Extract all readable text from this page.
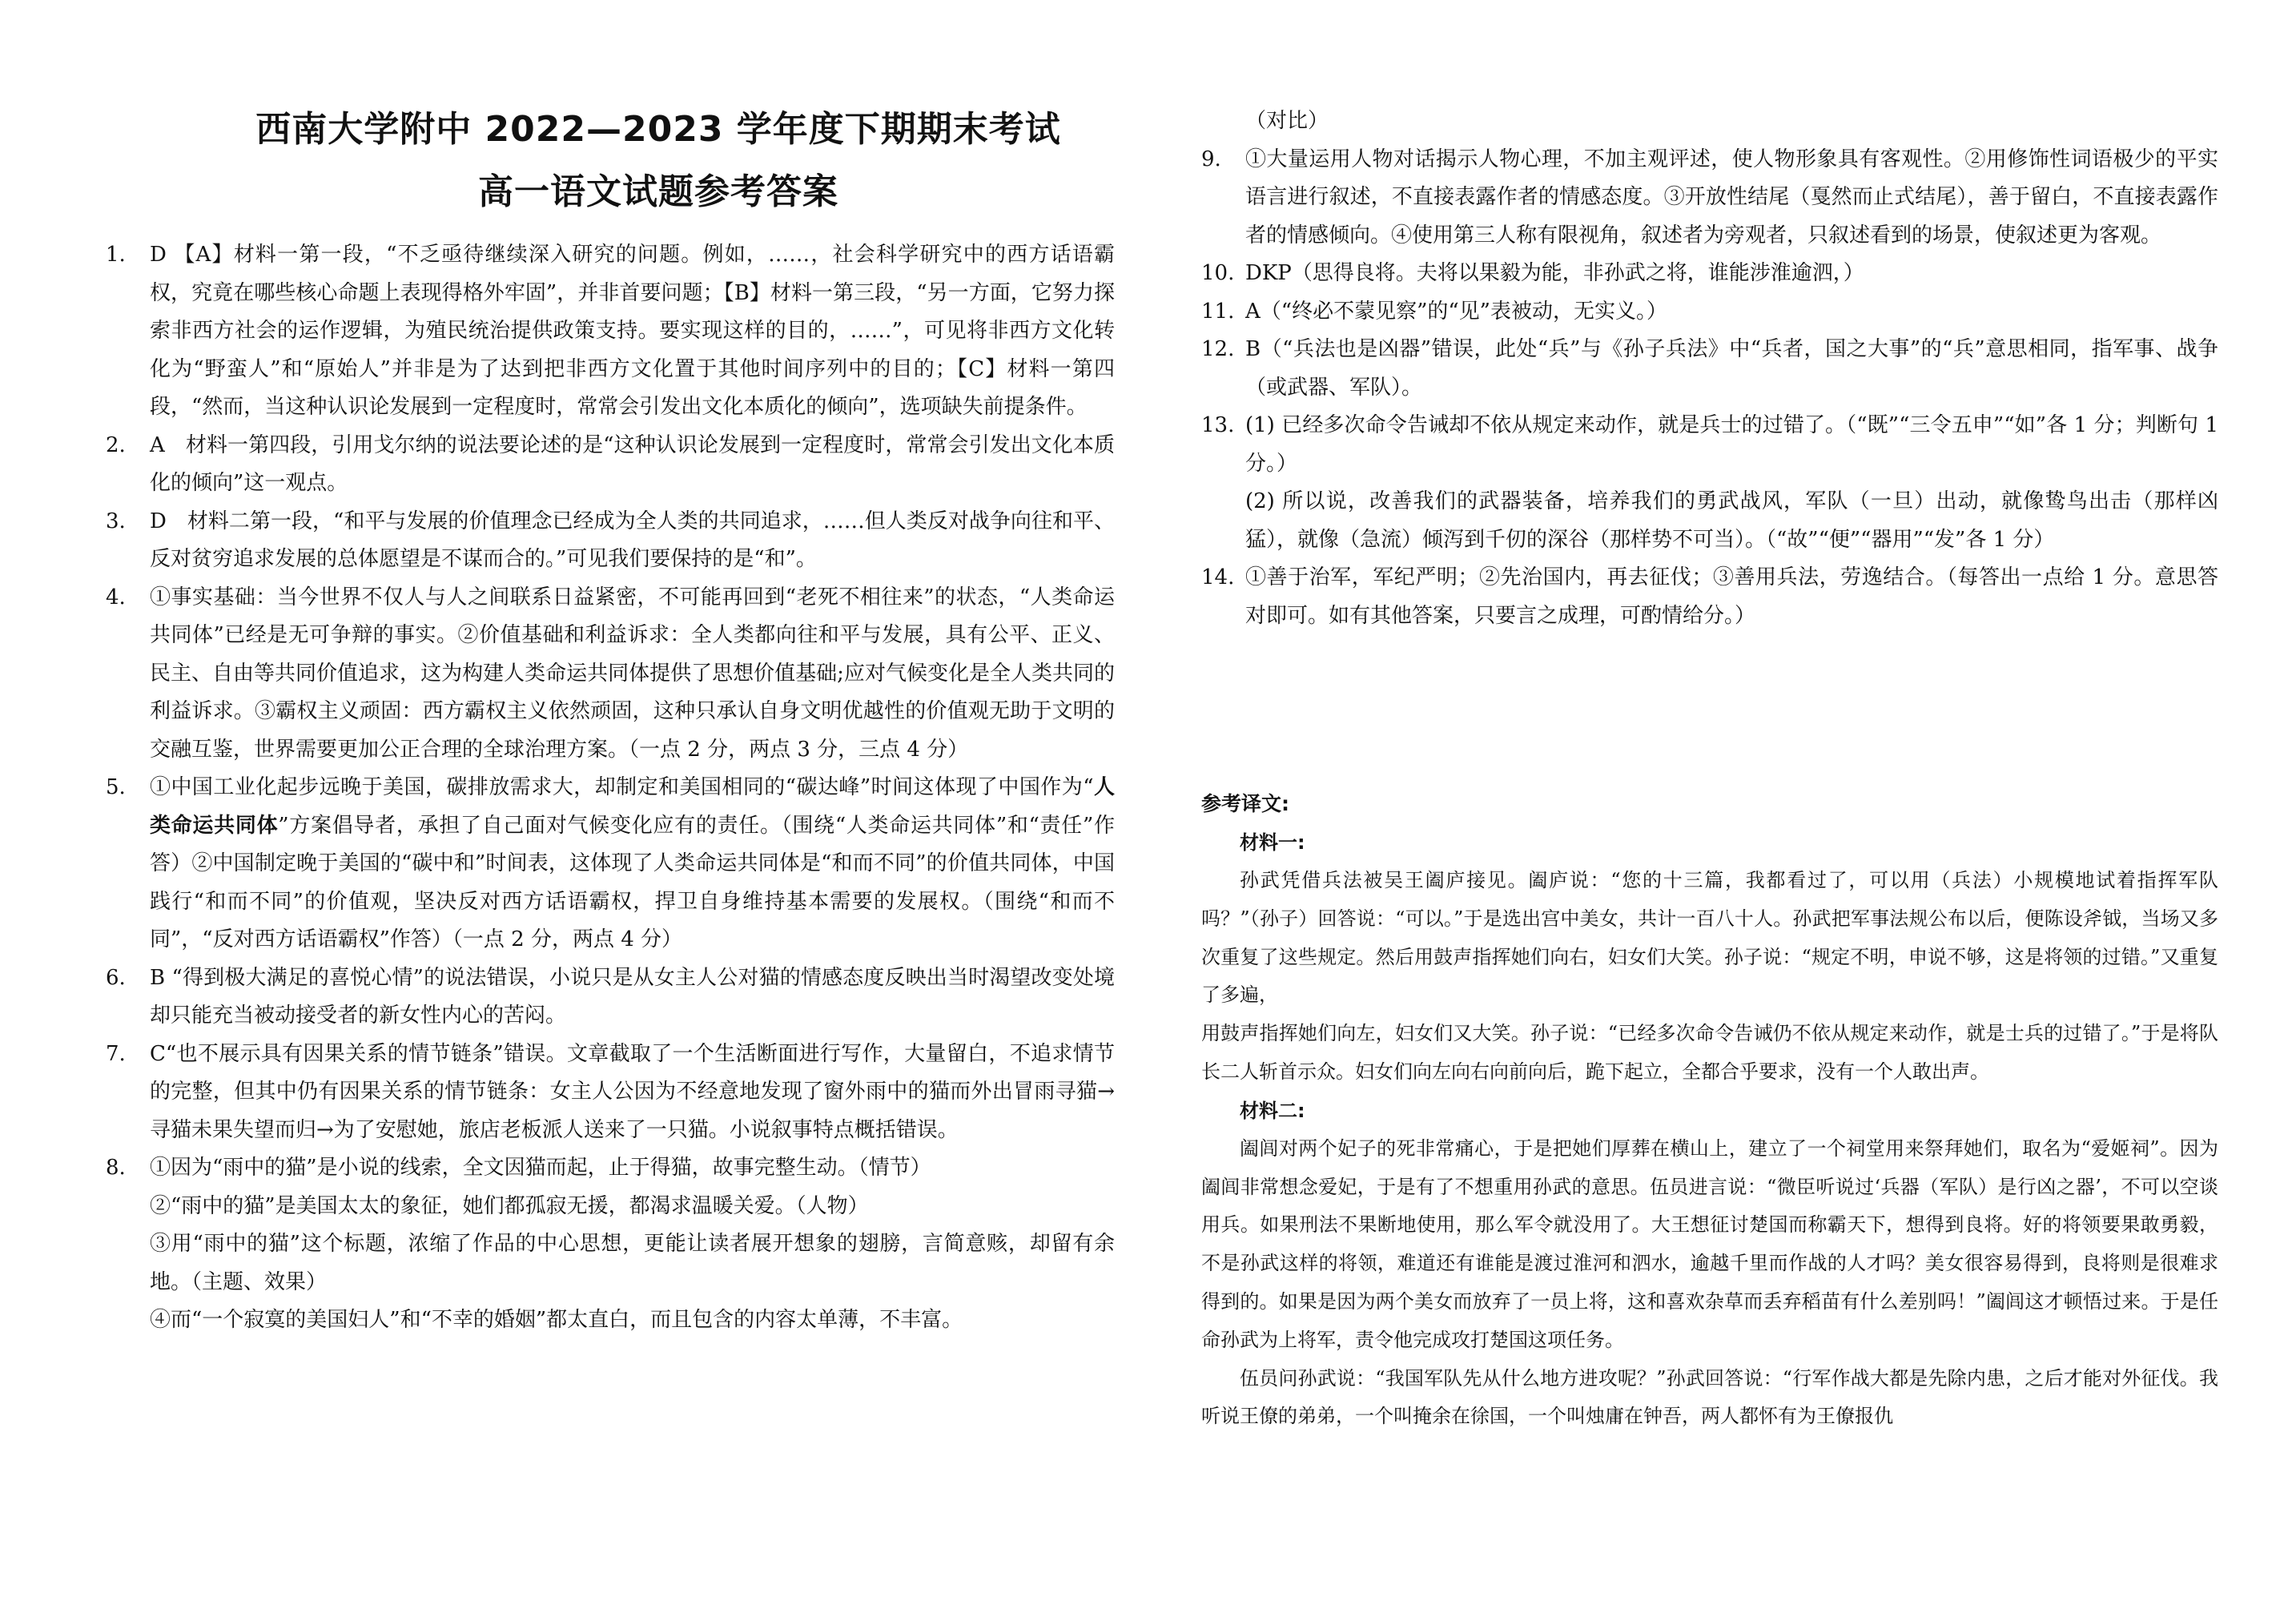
西南大学附中 2022—2023 学年度下期期末考试
高一语文试题参考答案
1.	D 【A】材料一第一段，“不乏亟待继续深入研究的问题。例如，……，社会科学研究中的西方话语霸权，究竟在哪些核心命题上表现得格外牢固”，并非首要问题；【B】材料一第三段，“另一方面，它努力探索非西方社会的运作逻辑，为殖民统治提供政策支持。要实现这样的目的，……”，可见将非西方文化转化为“野蛮人”和“原始人”并非是为了达到把非西方文化置于其他时间序列中的目的；【C】材料一第四段，“然而，当这种认识论发展到一定程度时，常常会引发出文化本质化的倾向”，选项缺失前提条件。
2.	A　材料一第四段，引用戈尔纳的说法要论述的是“这种认识论发展到一定程度时，常常会引发出文化本质化的倾向”这一观点。
3.	D　材料二第一段，“和平与发展的价值理念已经成为全人类的共同追求，……但人类反对战争向往和平、反对贫穷追求发展的总体愿望是不谋而合的。”可见我们要保持的是“和”。
4.	①事实基础：当今世界不仅人与人之间联系日益紧密，不可能再回到“老死不相往来”的状态，“人类命运共同体”已经是无可争辩的事实。②价值基础和利益诉求：全人类都向往和平与发展，具有公平、正义、民主、自由等共同价值追求，这为构建人类命运共同体提供了思想价值基础;应对气候变化是全人类共同的利益诉求。③霸权主义顽固：西方霸权主义依然顽固，这种只承认自身文明优越性的价值观无助于文明的交融互鉴，世界需要更加公正合理的全球治理方案。（一点 2 分，两点 3 分，三点 4 分）
5.	①中国工业化起步远晚于美国，碳排放需求大，却制定和美国相同的“碳达峰”时间这体现了中国作为“人类命运共同体”方案倡导者，承担了自己面对气候变化应有的责任。（围绕“人类命运共同体”和“责任”作答）②中国制定晚于美国的“碳中和”时间表，这体现了人类命运共同体是“和而不同”的价值共同体，中国践行“和而不同”的价值观，坚决反对西方话语霸权，捍卫自身维持基本需要的发展权。（围绕“和而不同”，“反对西方话语霸权”作答）（一点 2 分，两点 4 分）
6.	B “得到极大满足的喜悦心情”的说法错误，小说只是从女主人公对猫的情感态度反映出当时渴望改变处境却只能充当被动接受者的新女性内心的苦闷。
7.	C“也不展示具有因果关系的情节链条”错误。文章截取了一个生活断面进行写作，大量留白，不追求情节的完整，但其中仍有因果关系的情节链条：女主人公因为不经意地发现了窗外雨中的猫而外出冒雨寻猫→寻猫未果失望而归→为了安慰她，旅店老板派人送来了一只猫。小说叙事特点概括错误。
8.	①因为“雨中的猫”是小说的线索，全文因猫而起，止于得猫，故事完整生动。（情节）
②“雨中的猫”是美国太太的象征，她们都孤寂无援，都渴求温暖关爱。（人物）
③用“雨中的猫”这个标题，浓缩了作品的中心思想，更能让读者展开想象的翅膀，言简意赅，却留有余地。（主题、效果）
④而“一个寂寞的美国妇人”和“不幸的婚姻”都太直白，而且包含的内容太单薄，不丰富。
（对比）
9.	①大量运用人物对话揭示人物心理，不加主观评述，使人物形象具有客观性。②用修饰性词语极少的平实语言进行叙述，不直接表露作者的情感态度。③开放性结尾（戛然而止式结尾），善于留白，不直接表露作者的情感倾向。④使用第三人称有限视角，叙述者为旁观者，只叙述看到的场景，使叙述更为客观。
10. DKP（思得良将。夫将以果毅为能，非孙武之将，谁能涉淮逾泗，）
11. A（“终必不蒙见察”的“见”表被动，无实义。）
12. B（“兵法也是凶器”错误，此处“兵”与《孙子兵法》中“兵者，国之大事”的“兵”意思相同，指军事、战争（或武器、军队）。
13. (1) 已经多次命令告诫却不依从规定来动作，就是兵士的过错了。（“既”“三令五申”“如”各 1 分；判断句 1 分。）
(2) 所以说，改善我们的武器装备，培养我们的勇武战风，军队（一旦）出动，就像鸷鸟出击（那样凶猛），就像（急流）倾泻到千仞的深谷（那样势不可当）。（“故”“便”“器用”“发”各 1 分）
14. ①善于治军，军纪严明；②先治国内，再去征伐；③善用兵法，劳逸结合。（每答出一点给 1 分。意思答对即可。如有其他答案，只要言之成理，可酌情给分。）
参考译文:
材料一:
孙武凭借兵法被吴王阖庐接见。阖庐说：“您的十三篇，我都看过了，可以用（兵法）小规模地试着指挥军队吗？”（孙子）回答说：“可以。”于是选出宫中美女，共计一百八十人。孙武把军事法规公布以后，便陈设斧钺，当场又多次重复了这些规定。然后用鼓声指挥她们向右，妇女们大笑。孙子说：“规定不明，申说不够，这是将领的过错。”又重复了多遍，
用鼓声指挥她们向左，妇女们又大笑。孙子说：“已经多次命令告诫仍不依从规定来动作，就是士兵的过错了。”于是将队长二人斩首示众。妇女们向左向右向前向后，跪下起立，全都合乎要求，没有一个人敢出声。
材料二:
阖闾对两个妃子的死非常痛心，于是把她们厚葬在横山上，建立了一个祠堂用来祭拜她们，取名为“爱姬祠”。因为阖闾非常想念爱妃，于是有了不想重用孙武的意思。伍员进言说：“微臣听说过‘兵器（军队）是行凶之器’，不可以空谈用兵。如果刑法不果断地使用，那么军令就没用了。大王想征讨楚国而称霸天下，想得到良将。好的将领要果敢勇毅，不是孙武这样的将领，难道还有谁能是渡过淮河和泗水，逾越千里而作战的人才吗？美女很容易得到，良将则是很难求得到的。如果是因为两个美女而放弃了一员上将，这和喜欢杂草而丢弃稻苗有什么差别吗！”阖闾这才顿悟过来。于是任命孙武为上将军，责令他完成攻打楚国这项任务。
伍员问孙武说：“我国军队先从什么地方进攻呢？”孙武回答说：“行军作战大都是先除内患，之后才能对外征伐。我听说王僚的弟弟，一个叫掩余在徐国，一个叫烛庸在钟吾，两人都怀有为王僚报仇
